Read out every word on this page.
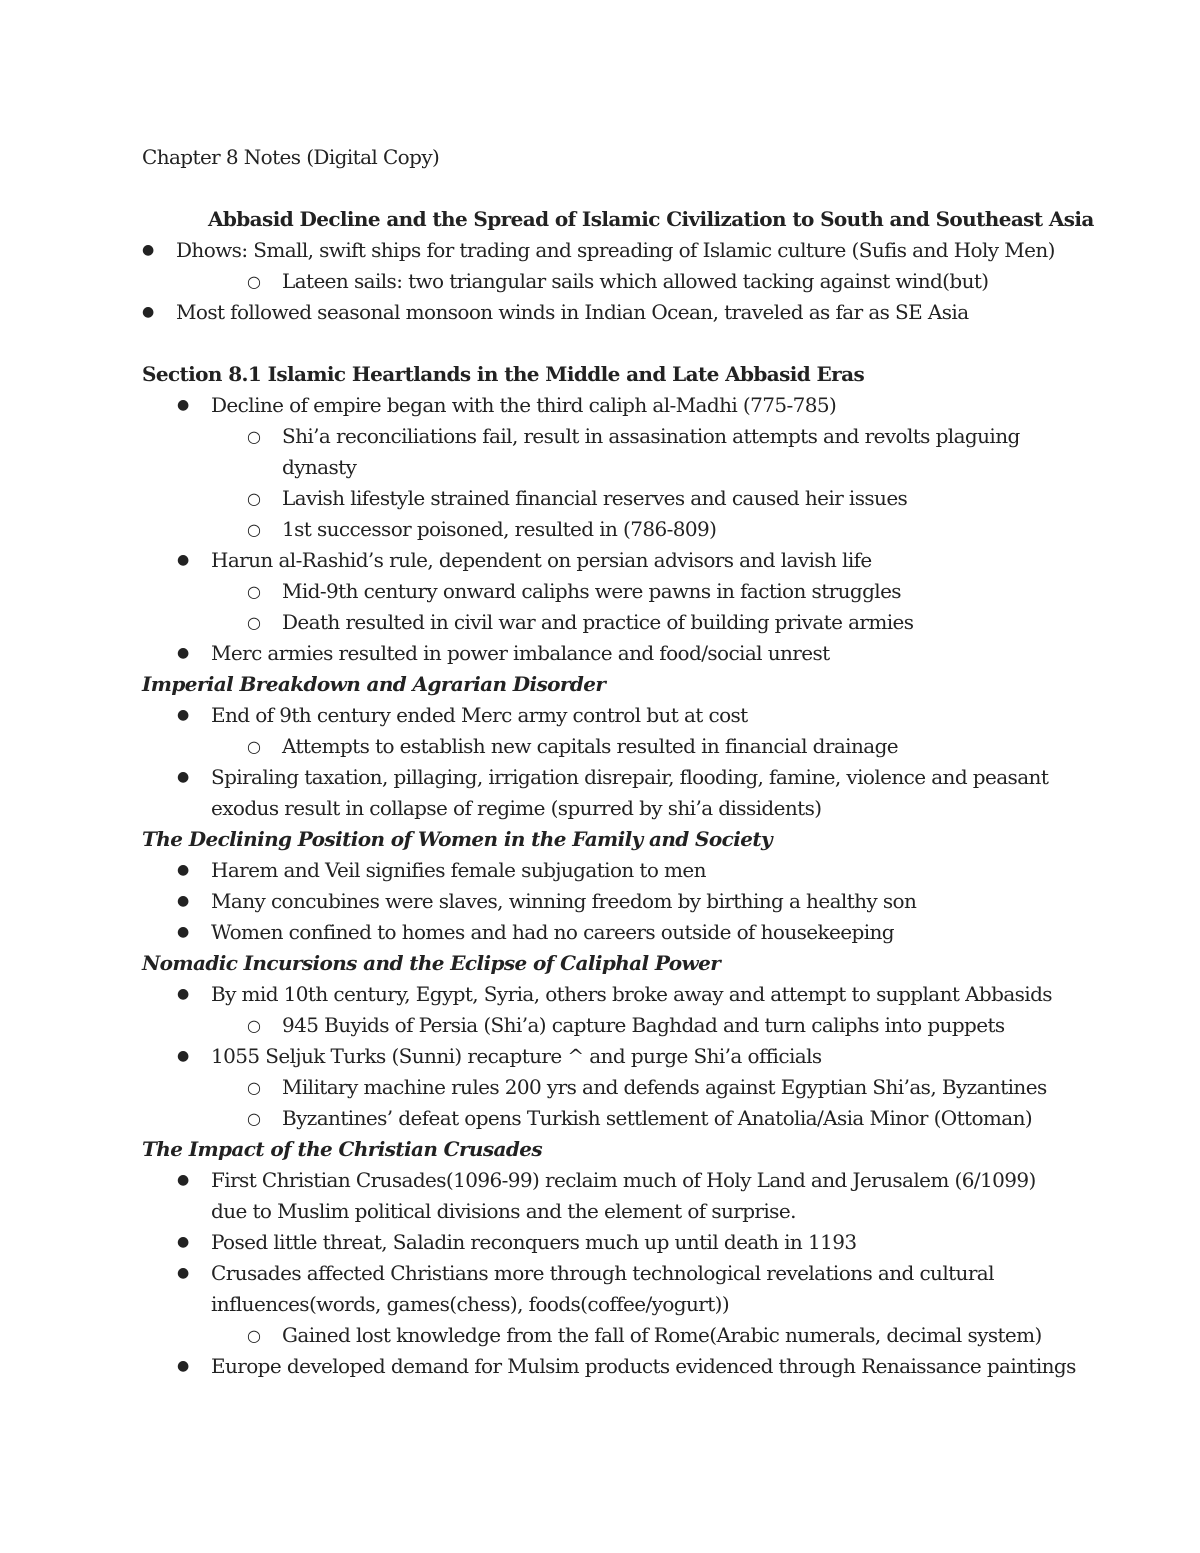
Chapter 8 Notes (Digital Copy)
Abbasid Decline and the Spread of Islamic Civilization to South and Southeast Asia
●	Dhows: Small, swift ships for trading and spreading of Islamic culture (Sufis and Holy Men)
○	Lateen sails: two triangular sails which allowed tacking against wind(but)
●	Most followed seasonal monsoon winds in Indian Ocean, traveled as far as SE Asia
Section 8.1 Islamic Heartlands in the Middle and Late Abbasid Eras
●	Decline of empire began with the third caliph al-Madhi (775-785)
○	Shi’a reconciliations fail, result in assasination attempts and revolts plaguing
dynasty
○	Lavish lifestyle strained financial reserves and caused heir issues
○	1st successor poisoned, resulted in (786-809)
●	Harun al-Rashid’s rule, dependent on persian advisors and lavish life
○	Mid-9th century onward caliphs were pawns in faction struggles
○	Death resulted in civil war and practice of building private armies
●	Merc armies resulted in power imbalance and food/social unrest
Imperial Breakdown and Agrarian Disorder
●	End of 9th century ended Merc army control but at cost
○	Attempts to establish new capitals resulted in financial drainage
●	Spiraling taxation, pillaging, irrigation disrepair, flooding, famine, violence and peasant
exodus result in collapse of regime (spurred by shi’a dissidents)
The Declining Position of Women in the Family and Society
●	Harem and Veil signifies female subjugation to men
●	Many concubines were slaves, winning freedom by birthing a healthy son
●	Women confined to homes and had no careers outside of housekeeping
Nomadic Incursions and the Eclipse of Caliphal Power
●	By mid 10th century, Egypt, Syria, others broke away and attempt to supplant Abbasids
○	945 Buyids of Persia (Shi’a) capture Baghdad and turn caliphs into puppets
●	1055 Seljuk Turks (Sunni) recapture ^ and purge Shi’a officials
○	Military machine rules 200 yrs and defends against Egyptian Shi’as, Byzantines
○	Byzantines’ defeat opens Turkish settlement of Anatolia/Asia Minor (Ottoman)
The Impact of the Christian Crusades
●	First Christian Crusades(1096-99) reclaim much of Holy Land and Jerusalem (6/1099)
due to Muslim political divisions and the element of surprise.
●	Posed little threat, Saladin reconquers much up until death in 1193
●	Crusades affected Christians more through technological revelations and cultural
influences(words, games(chess), foods(coffee/yogurt))
○	Gained lost knowledge from the fall of Rome(Arabic numerals, decimal system)
●	Europe developed demand for Mulsim products evidenced through Renaissance paintings
